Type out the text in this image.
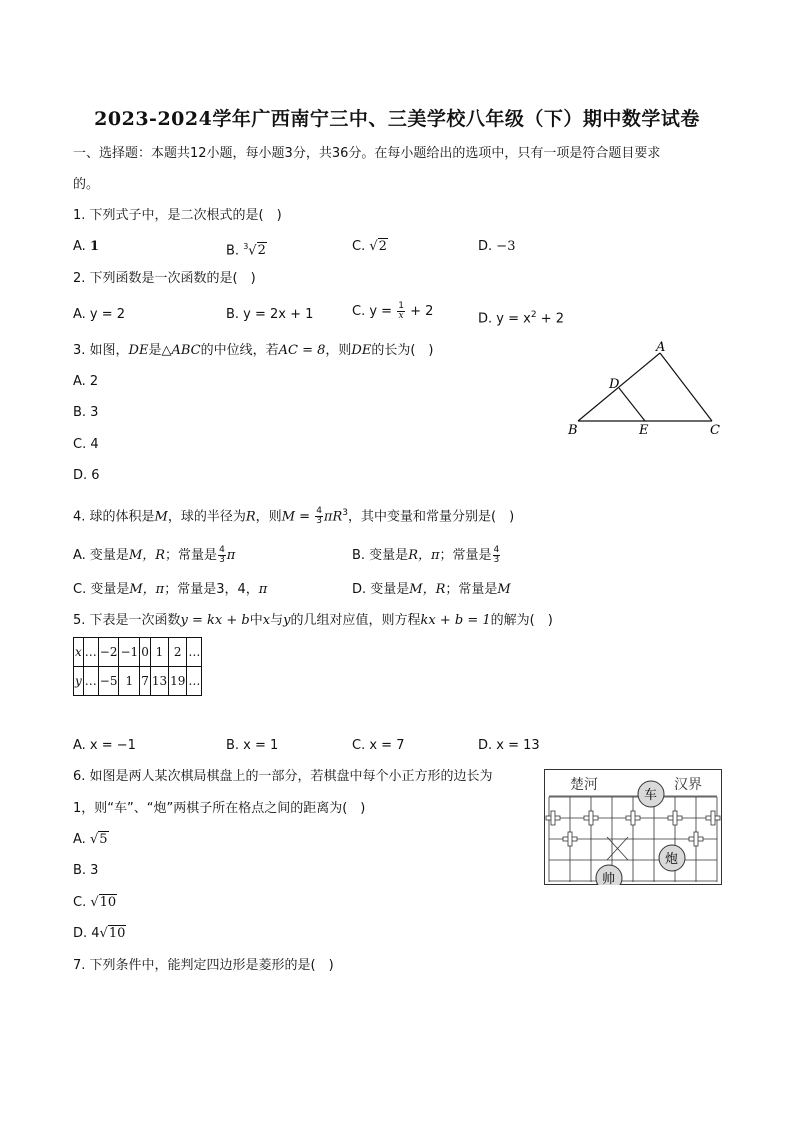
2023-2024学年广西南宁三中、三美学校八年级（下）期中数学试卷
一、选择题：本题共12小题，每小题3分，共36分。在每小题给出的选项中，只有一项是符合题目要求
的。
1. 下列式子中，是二次根式的是(　)
A. 1	B. $^3$√2	C. √2	D. −3
2. 下列函数是一次函数的是(　)
A. y = 2	B. y = 2x + 1	C. $y = \frac{1}{x} + 2$	D. $y = x^2 + 2$
3. 如图，DE是△ABC的中位线，若AC = 8，则DE的长为(　)
A. 2
B. 3
C. 4
D. 6
A
B	C
D
E
4. 球的体积是M，球的半径为R，则$M = \frac{4}{3} \pi R^3$，其中变量和常量分别是(　)
A. 变量是M，R；常量是 $\frac{4}{3}$ π	B. 变量是R，π；常量是 $\frac{4}{3}$
C. 变量是M，π；常量是3，4，π	D. 变量是M，R；常量是M
5. 下表是一次函数y = kx + b中x与y的几组对应值，则方程kx + b = 1的解为(　)
x	…	−2	−1	0	1	2	…
y	…	−5	1	7	13	19	…
A. x = −1	B. x = 1	C. x = 7	D. x = 13
6. 如图是两人某次棋局棋盘上的一部分，若棋盘中每个小正方形的边长为
1，则“车”、“炮”两棋子所在格点之间的距离为(　)
A. √5
B. 3
C. √10
D. 4√10
楚河	汉界
车
炮
帅
7. 下列条件中，能判定四边形是菱形的是(　)
